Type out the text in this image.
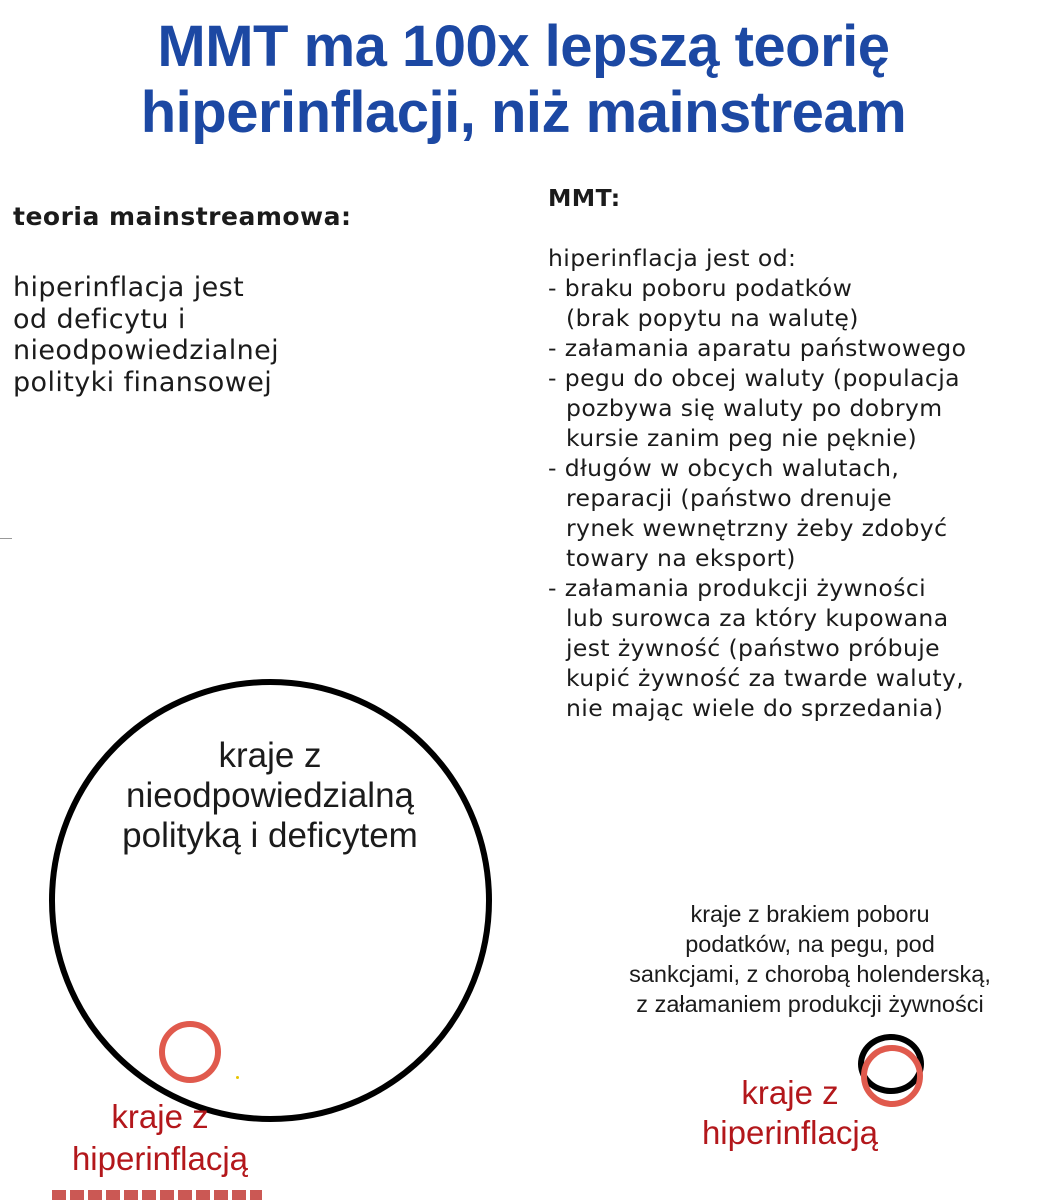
MMT ma 100x lepszą teorię
hiperinflacji, niż mainstream
teoria mainstreamowa:
hiperinflacja jest
od deficytu i
nieodpowiedzialnej
polityki finansowej
MMT:
hiperinflacja jest od:
- braku poboru podatków
(brak popytu na walutę)
- załamania aparatu państwowego
- pegu do obcej waluty (populacja
pozbywa się waluty po dobrym
kursie zanim peg nie pęknie)
- długów w obcych walutach,
reparacji (państwo drenuje
rynek wewnętrzny żeby zdobyć
towary na eksport)
- załamania produkcji żywności
lub surowca za który kupowana
jest żywność (państwo próbuje
kupić żywność za twarde waluty,
nie mając wiele do sprzedania)
kraje z
nieodpowiedzialną
polityką i deficytem
kraje z
hiperinflacją
kraje z brakiem poboru
podatków, na pegu, pod
sankcjami, z chorobą holenderską,
z załamaniem produkcji żywności
kraje z
hiperinflacją
